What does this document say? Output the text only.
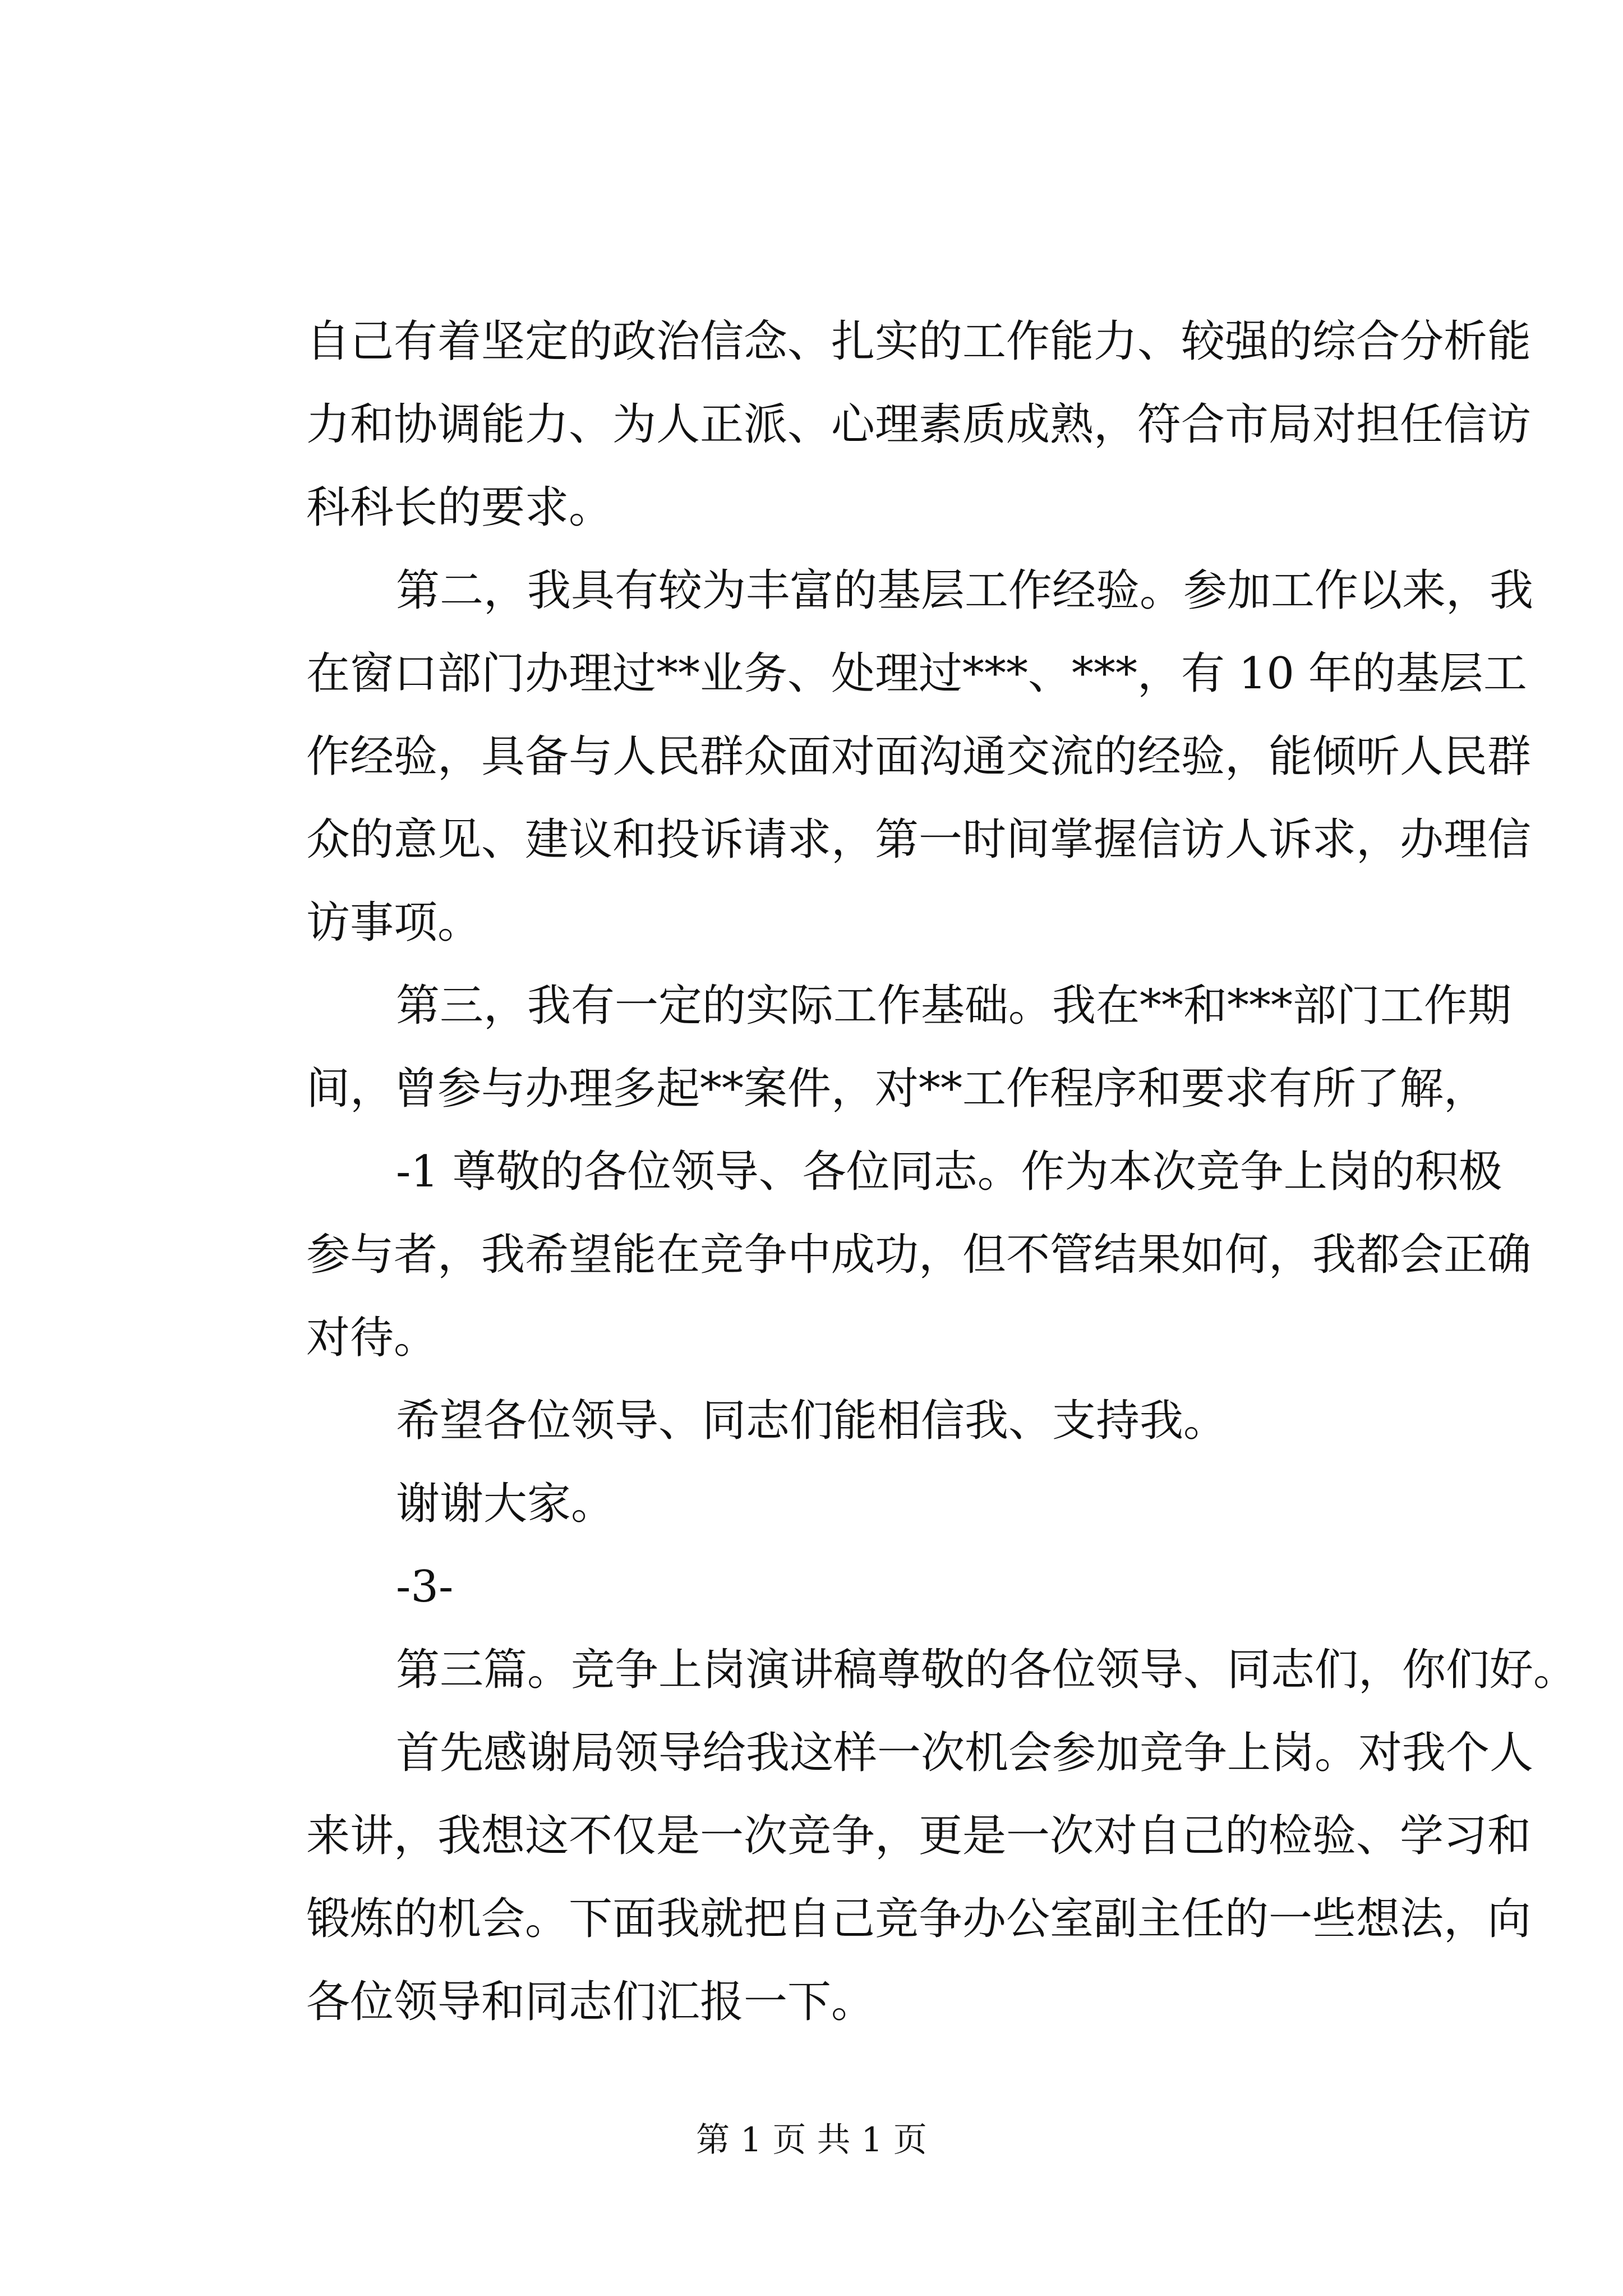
自己有着坚定的政治信念、扎实的工作能力、较强的综合分析能
力和协调能力、为人正派、心理素质成熟，符合市局对担任信访
科科长的要求。
第二，我具有较为丰富的基层工作经验。参加工作以来，我
在窗口部门办理过**业务、处理过***、***，有 10 年的基层工
作经验，具备与人民群众面对面沟通交流的经验，能倾听人民群
众的意见、建议和投诉请求，第一时间掌握信访人诉求，办理信
访事项。
第三，我有一定的实际工作基础。我在**和***部门工作期
间，曾参与办理多起**案件，对**工作程序和要求有所了解，
-1 尊敬的各位领导、各位同志。作为本次竞争上岗的积极
参与者，我希望能在竞争中成功，但不管结果如何，我都会正确
对待。
希望各位领导、同志们能相信我、支持我。
谢谢大家。
-3-
第三篇。竞争上岗演讲稿尊敬的各位领导、同志们，你们好。
首先感谢局领导给我这样一次机会参加竞争上岗。对我个人
来讲，我想这不仅是一次竞争，更是一次对自己的检验、学习和
锻炼的机会。下面我就把自己竞争办公室副主任的一些想法，向
各位领导和同志们汇报一下。
第 1 页 共 1 页
